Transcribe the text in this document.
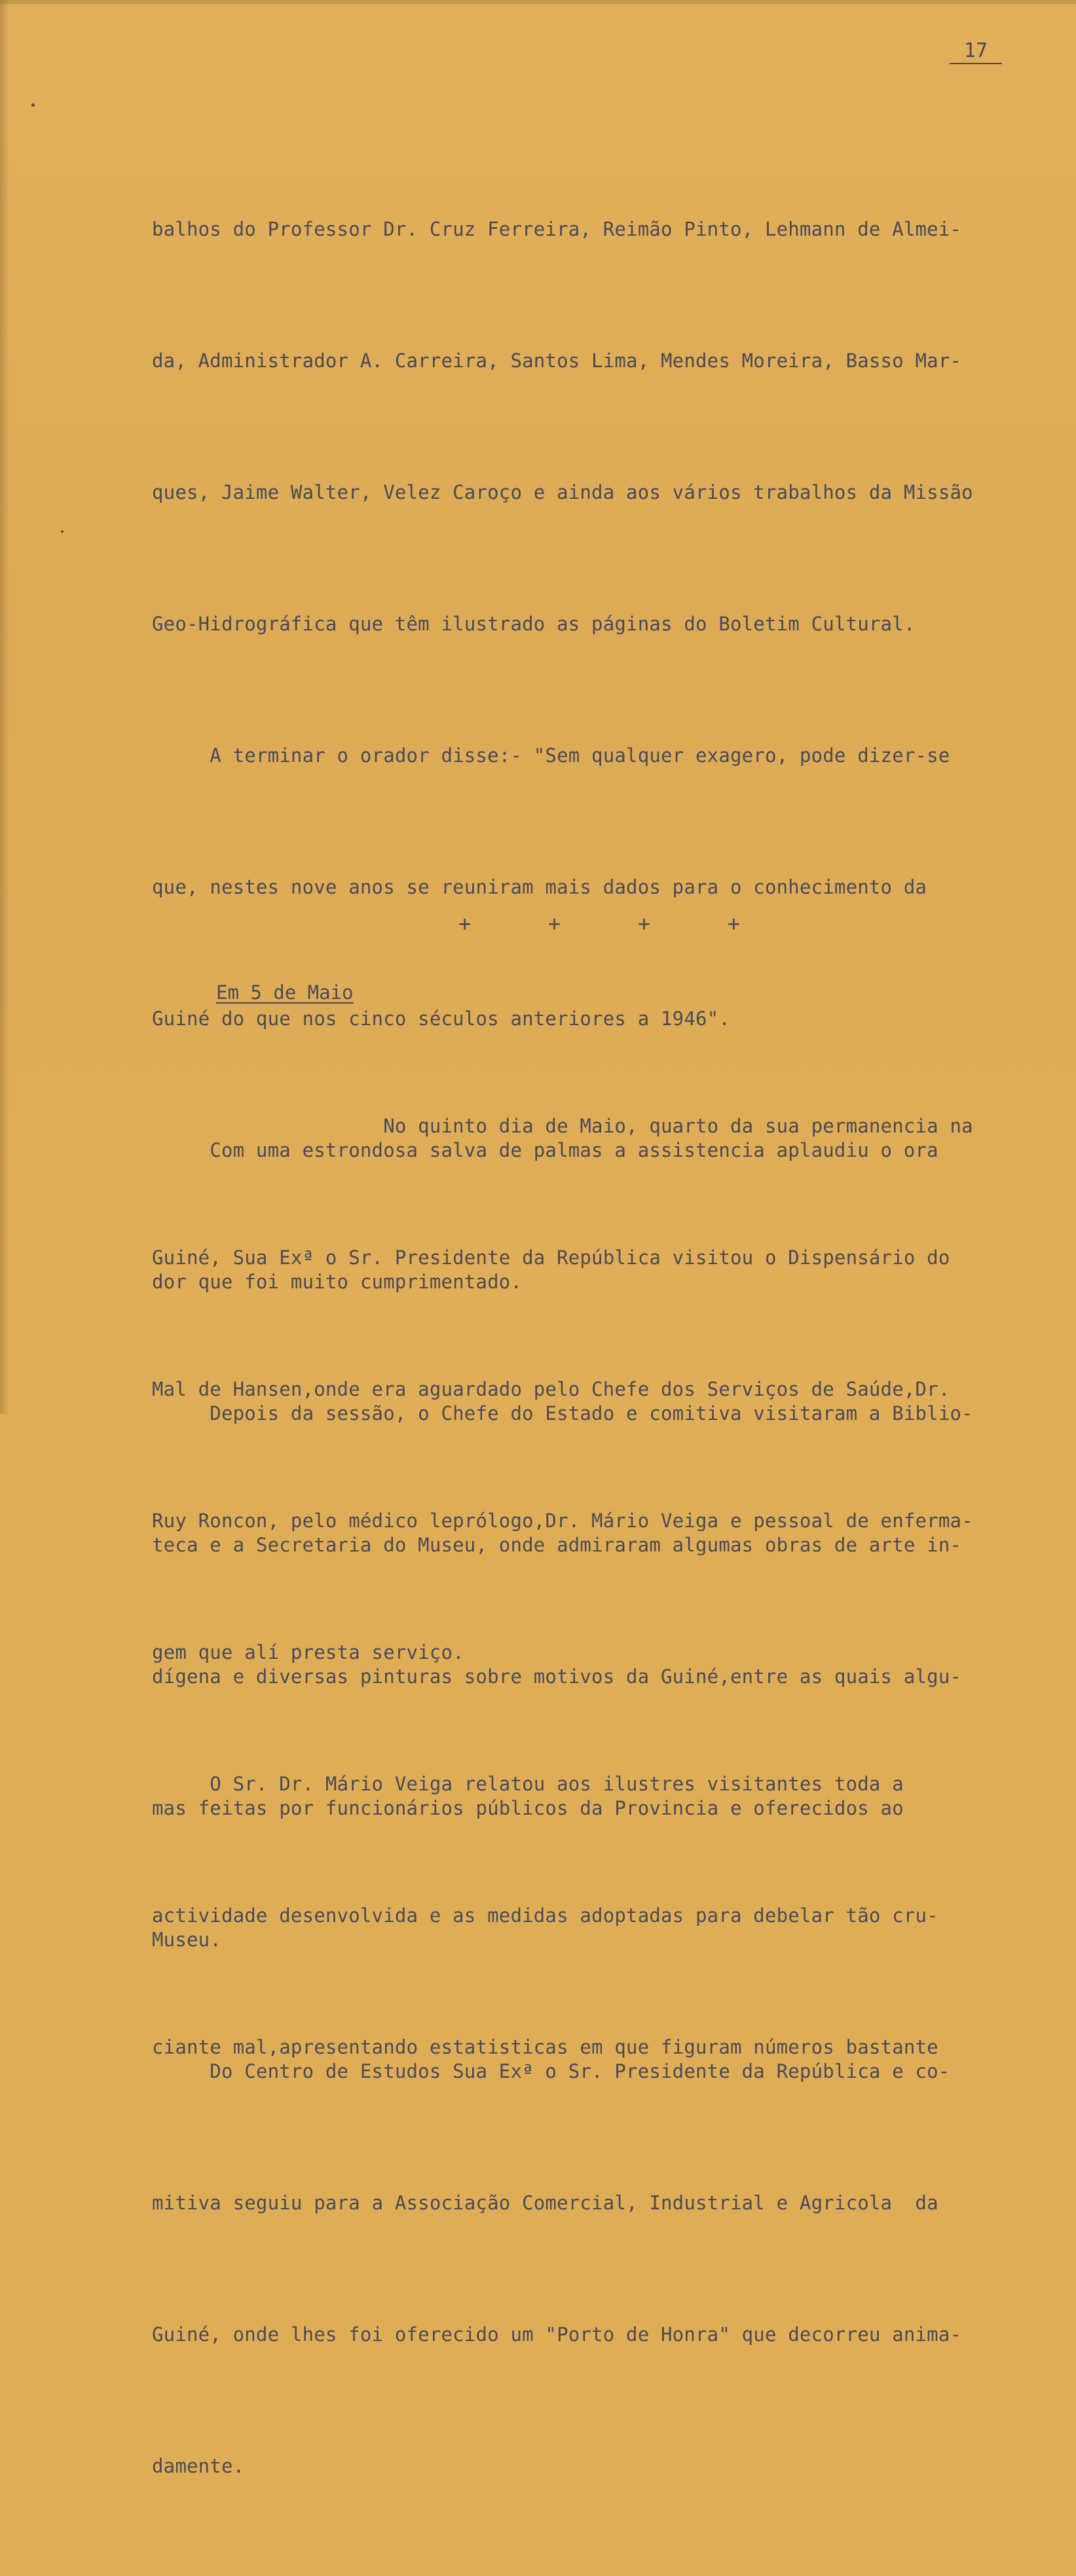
17

balhos do Professor Dr. Cruz Ferreira, Reimão Pinto, Lehmann de Almei-

da, Administrador A. Carreira, Santos Lima, Mendes Moreira, Basso Mar-

ques, Jaime Walter, Velez Caroço e ainda aos vários trabalhos da Missão

Geo-Hidrográfica que têm ilustrado as páginas do Boletim Cultural.

A terminar o orador disse:- "Sem qualquer exagero, pode dizer-se

que, nestes nove anos se reuniram mais dados para o conhecimento da

Guiné do que nos cinco séculos anteriores a 1946".

Com uma estrondosa salva de palmas a assistencia aplaudiu o ora

dor que foi muito cumprimentado.

Depois da sessão, o Chefe do Estado e comitiva visitaram a Biblio-

teca e a Secretaria do Museu, onde admiraram algumas obras de arte in-

dígena e diversas pinturas sobre motivos da Guiné,entre as quais algu-

mas feitas por funcionários públicos da Provincia e oferecidos ao

Museu.

Do Centro de Estudos Sua Exª o Sr. Presidente da República e co-

mitiva seguiu para a Associação Comercial, Industrial e Agricola  da

Guiné, onde lhes foi oferecido um "Porto de Honra" que decorreu anima-

damente.

+	+	+	+
Em 5 de Maio

No quinto dia de Maio, quarto da sua permanencia na

Guiné, Sua Exª o Sr. Presidente da República visitou o Dispensário do

Mal de Hansen,onde era aguardado pelo Chefe dos Serviços de Saúde,Dr.

Ruy Roncon, pelo médico leprólogo,Dr. Mário Veiga e pessoal de enferma-

gem que alí presta serviço.

O Sr. Dr. Mário Veiga relatou aos ilustres visitantes toda a

actividade desenvolvida e as medidas adoptadas para debelar tão cru-

ciante mal,apresentando estatisticas em que figuram números bastante
